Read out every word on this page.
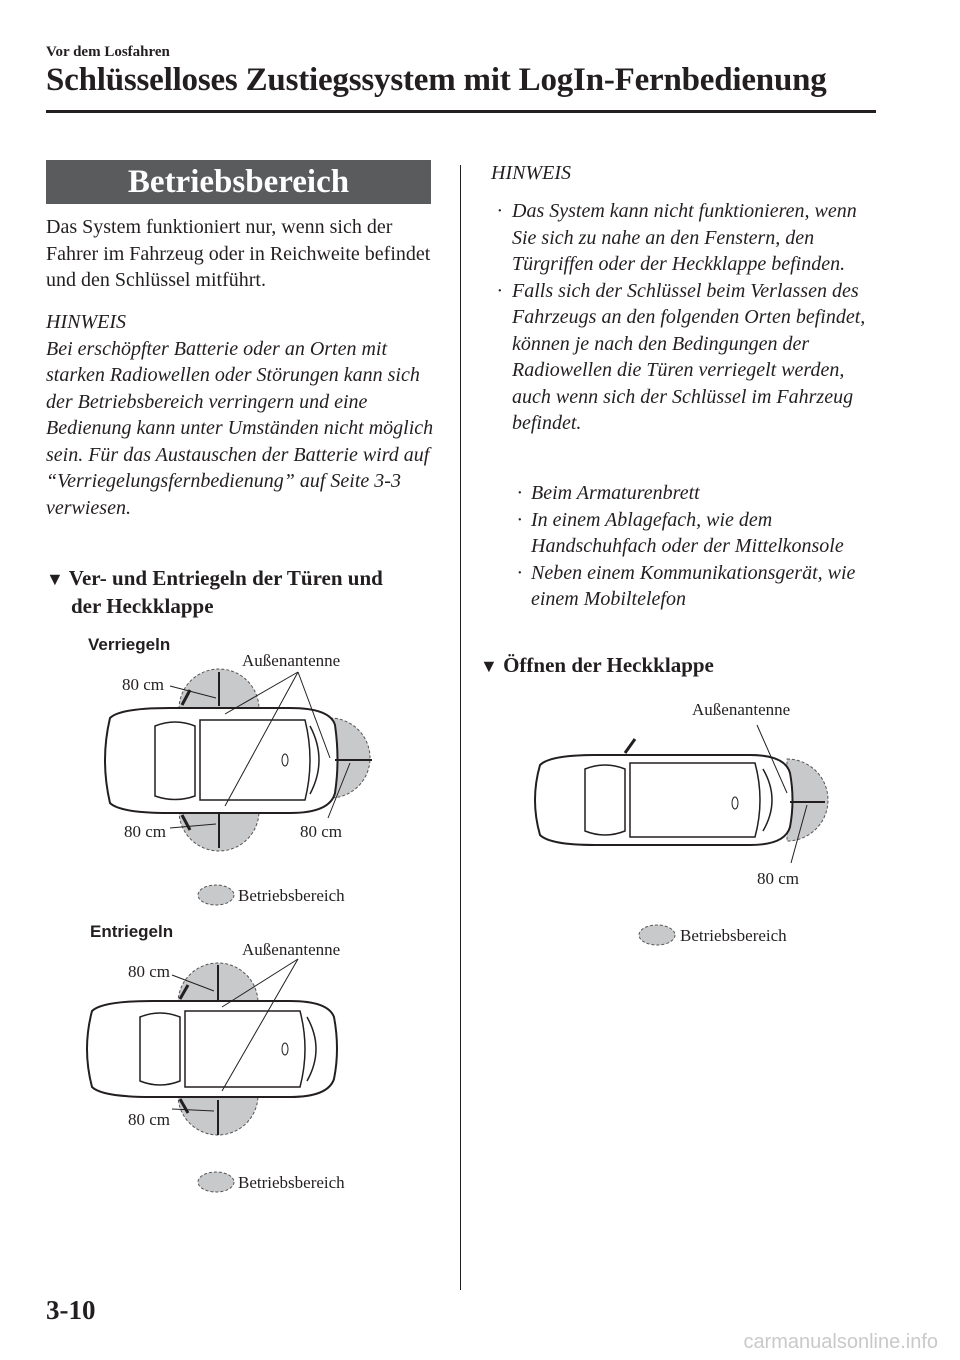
Vor dem Losfahren
Schlüsselloses Zustiegssystem mit LogIn-Fernbedienung
Betriebsbereich
Das System funktioniert nur, wenn sich der Fahrer im Fahrzeug oder in Reichweite befindet und den Schlüssel mitführt.
HINWEIS
Bei erschöpfter Batterie oder an Orten mit starken Radiowellen oder Störungen kann sich der Betriebsbereich verringern und eine Bedienung kann unter Umständen nicht möglich sein. Für das Austauschen der Batterie wird auf “Verriegelungsfernbedienung” auf Seite 3-3 verwiesen.
▼ Ver- und Entriegeln der Türen und
der Heckklappe
Verriegeln
Außenantenne
80 cm
80 cm	80 cm
Betriebsbereich
Entriegeln
Außenantenne
80 cm
80 cm
Betriebsbereich
HINWEIS
· Das System kann nicht funktionieren, wenn Sie sich zu nahe an den Fenstern, den Türgriffen oder der Heckklappe befinden.
· Falls sich der Schlüssel beim Verlassen des Fahrzeugs an den folgenden Orten befindet, können je nach den Bedingungen der Radiowellen die Türen verriegelt werden, auch wenn sich der Schlüssel im Fahrzeug befindet.
· Beim Armaturenbrett
· In einem Ablagefach, wie dem Handschuhfach oder der Mittelkonsole
· Neben einem Kommunikationsgerät, wie einem Mobiltelefon
▼ Öffnen der Heckklappe
Außenantenne
80 cm
Betriebsbereich
3-10
carmanualsonline.info
